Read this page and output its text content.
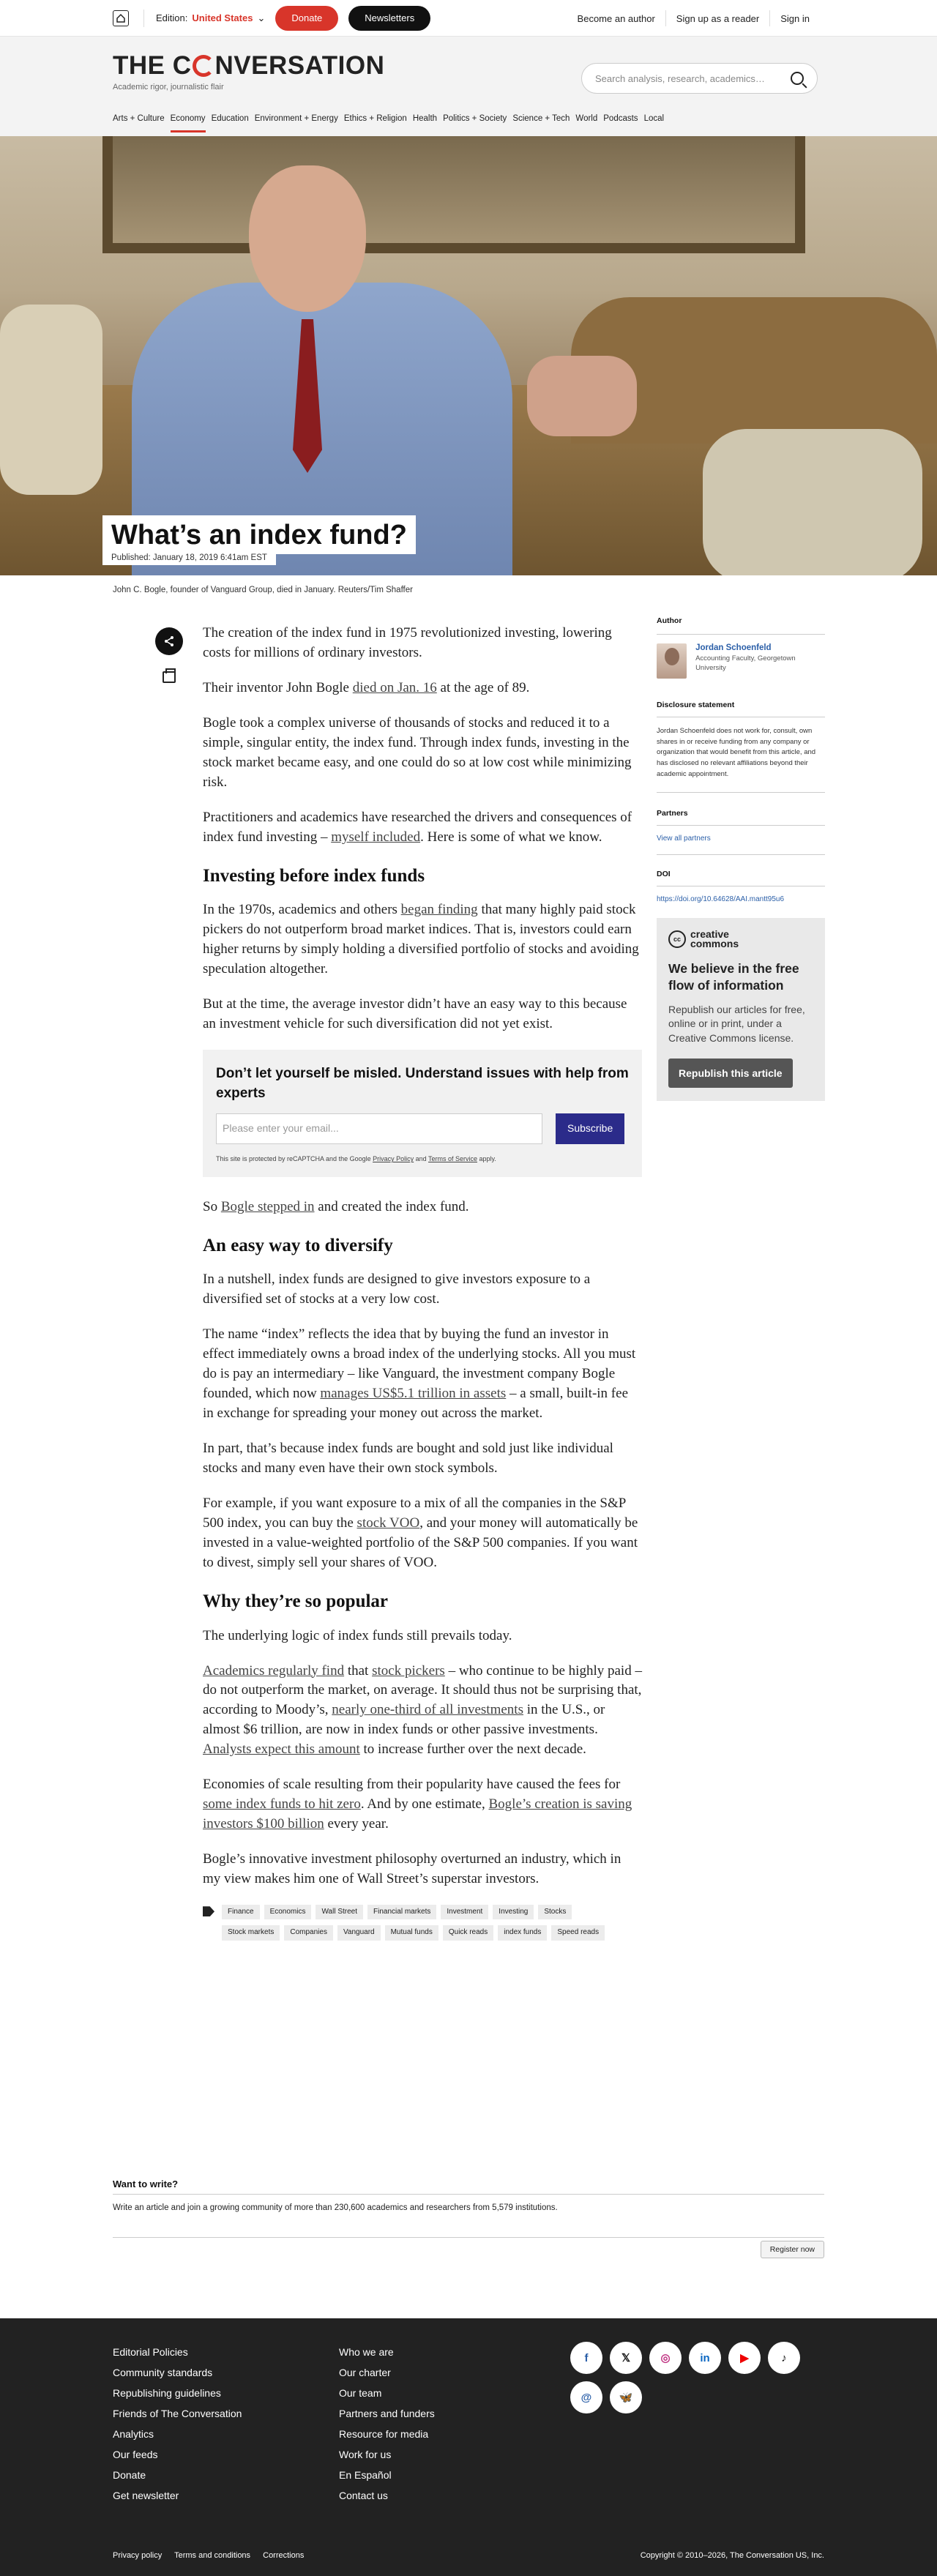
Edition: United States ⌄	Donate	Newsletters	Become an author	Sign up as a reader	Sign in
THE C NVERSATION
Academic rigor, journalistic flair
Search analysis, research, academics…
Arts + Culture Economy Education Environment + Energy Ethics + Religion Health Politics + Society Science + Tech World Podcasts Local
What’s an index fund?
Published: January 18, 2019 6:41am EST
John C. Bogle, founder of Vanguard Group, died in January. Reuters/Tim Shaffer

The creation of the index fund in 1975 revolutionized investing, lowering costs for millions of ordinary investors.

Their inventor John Bogle died on Jan. 16 at the age of 89.

Bogle took a complex universe of thousands of stocks and reduced it to a simple, singular entity, the index fund. Through index funds, investing in the stock market became easy, and one could do so at low cost while minimizing risk.

Practitioners and academics have researched the drivers and consequences of index fund investing – myself included. Here is some of what we know.

Investing before index funds

In the 1970s, academics and others began finding that many highly paid stock pickers do not outperform broad market indices. That is, investors could earn higher returns by simply holding a diversified portfolio of stocks and avoiding speculation altogether.

But at the time, the average investor didn’t have an easy way to this because an investment vehicle for such diversification did not yet exist.

Don’t let yourself be misled. Understand issues with help from experts
Please enter your email...	Subscribe
This site is protected by reCAPTCHA and the Google Privacy Policy and Terms of Service apply.

So Bogle stepped in and created the index fund.

An easy way to diversify

In a nutshell, index funds are designed to give investors exposure to a diversified set of stocks at a very low cost.

The name “index” reflects the idea that by buying the fund an investor in effect immediately owns a broad index of the underlying stocks. All you must do is pay an intermediary – like Vanguard, the investment company Bogle founded, which now manages US$5.1 trillion in assets – a small, built-in fee in exchange for spreading your money out across the market.

In part, that’s because index funds are bought and sold just like individual stocks and many even have their own stock symbols.

For example, if you want exposure to a mix of all the companies in the S&P 500 index, you can buy the stock VOO, and your money will automatically be invested in a value-weighted portfolio of the S&P 500 companies. If you want to divest, simply sell your shares of VOO.

Why they’re so popular

The underlying logic of index funds still prevails today.

Academics regularly find that stock pickers – who continue to be highly paid – do not outperform the market, on average. It should thus not be surprising that, according to Moody’s, nearly one-third of all investments in the U.S., or almost $6 trillion, are now in index funds or other passive investments. Analysts expect this amount to increase further over the next decade.

Economies of scale resulting from their popularity have caused the fees for some index funds to hit zero. And by one estimate, Bogle’s creation is saving investors $100 billion every year.

Bogle’s innovative investment philosophy overturned an industry, which in my view makes him one of Wall Street’s superstar investors.

Finance	Economics	Wall Street	Financial markets	Investment	Investing	Stocks
Stock markets	Companies	Vanguard	Mutual funds	Quick reads	index funds	Speed reads
Author
Jordan Schoenfeld
Accounting Faculty, Georgetown University
Disclosure statement
Jordan Schoenfeld does not work for, consult, own shares in or receive funding from any company or organization that would benefit from this article, and has disclosed no relevant affiliations beyond their academic appointment.
Partners
View all partners
DOI
https://doi.org/10.64628/AAI.mantt95u6
cc creative
commons
We believe in the free flow of information
Republish our articles for free, online or in print, under a Creative Commons license.
Republish this article
Want to write?
Write an article and join a growing community of more than 230,600 academics and researchers from 5,579 institutions.
Register now
Editorial Policies
Community standards
Republishing guidelines
Friends of The Conversation
Analytics
Our feeds
Donate
Get newsletter
Who we are
Our charter
Our team
Partners and funders
Resource for media
Work for us
En Español
Contact us
f	𝕏	◎	in	▶	♪
@	🦋
Privacy policy Terms and conditions Corrections	Copyright © 2010–2026, The Conversation US, Inc.
